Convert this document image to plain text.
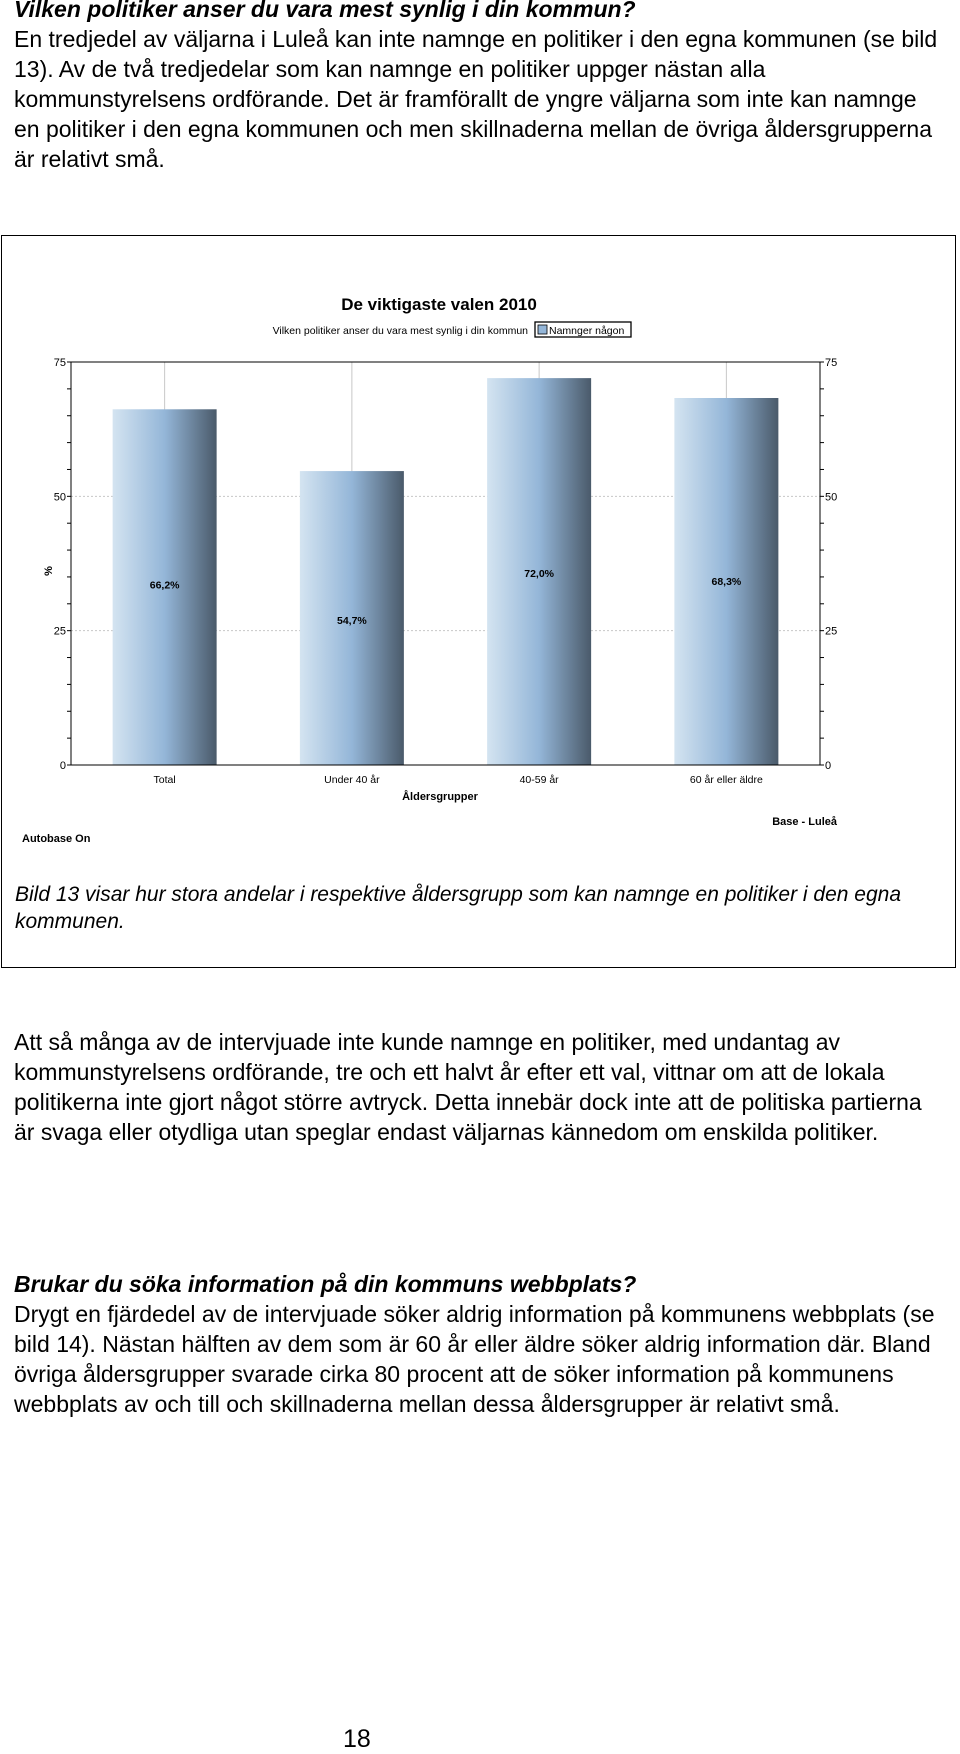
Vilken politiker anser du vara mest synlig i din kommun?
En tredjedel av väljarna i Luleå kan inte namnge en politiker i den egna kommunen (se bild 13). Av de två tredjedelar som kan namnge en politiker uppger nästan alla kommunstyrelsens ordförande. Det är framförallt de yngre väljarna som inte kan namnge en politiker i den egna kommunen och men skillnaderna mellan de övriga åldersgrupperna är relativt små.

De viktigaste valen 2010
Vilken politiker anser du vara mest synlig i din kommun Namnger någon
0	0
25	25
50	50
75	75
%
66,2%
54,7%
72,0%
68,3%
Total	Under 40 år	40-59 år	60 år eller äldre
Åldersgrupper
Autobase On
Base - Luleå

Bild 13 visar hur stora andelar i respektive åldersgrupp som kan namnge en politiker i den egna kommunen.

Att så många av de intervjuade inte kunde namnge en politiker, med undantag av kommunstyrelsens ordförande, tre och ett halvt år efter ett val, vittnar om att de lokala politikerna inte gjort något större avtryck. Detta innebär dock inte att de politiska partierna är svaga eller otydliga utan speglar endast väljarnas kännedom om enskilda politiker.

Brukar du söka information på din kommuns webbplats?
Drygt en fjärdedel av de intervjuade söker aldrig information på kommunens webbplats (se bild 14). Nästan hälften av dem som är 60 år eller äldre söker aldrig information där. Bland övriga åldersgrupper svarade cirka 80 procent att de söker information på kommunens webbplats av och till och skillnaderna mellan dessa åldersgrupper är relativt små.

18
